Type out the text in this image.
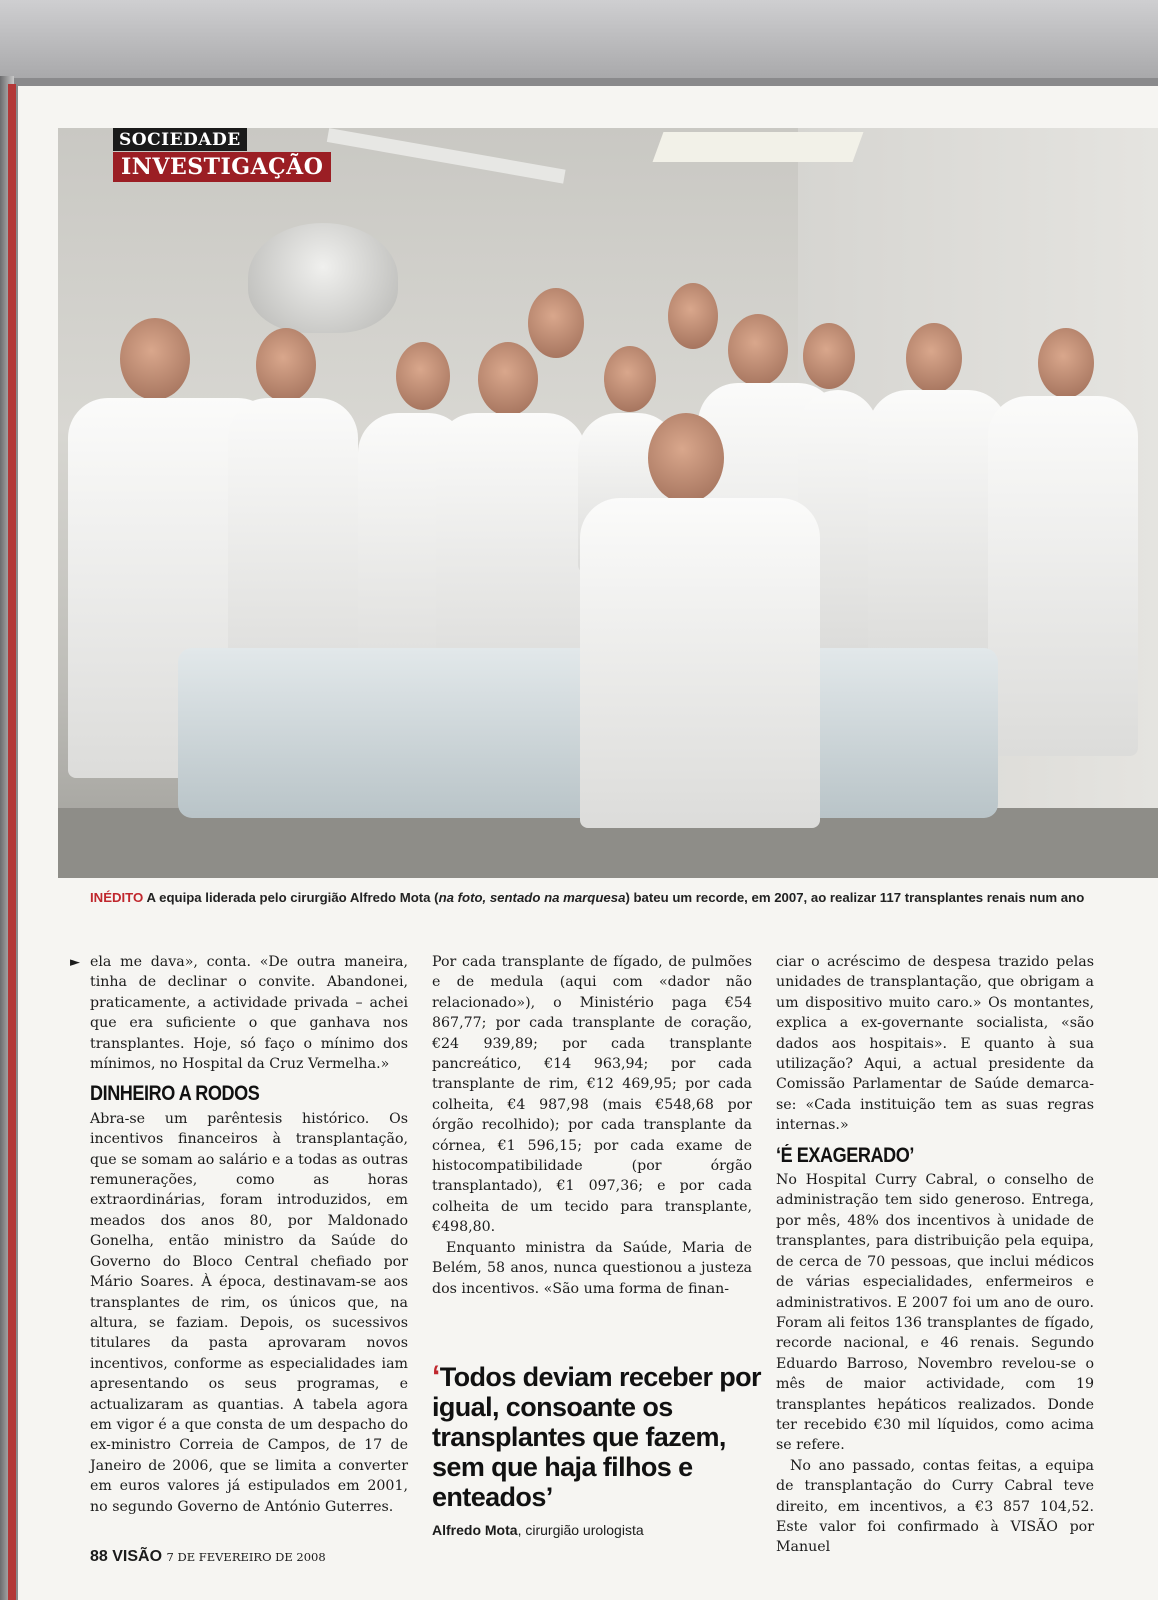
SOCIEDADE
INVESTIGAÇÃO
INÉDITO A equipa liderada pelo cirurgião Alfredo Mota (na foto, sentado na marquesa) bateu um recorde, em 2007, ao realizar 117 transplantes renais num ano
► ela me dava», conta. «De outra maneira, tinha de declinar o convite. Abandonei, praticamente, a actividade privada – achei que era suficiente o que ganhava nos transplantes. Hoje, só faço o mínimo dos mínimos, no Hospital da Cruz Vermelha.»

DINHEIRO A RODOS

Abra-se um parêntesis histórico. Os incentivos financeiros à transplantação, que se somam ao salário e a todas as outras remunerações, como as horas extraordinárias, foram introduzidos, em meados dos anos 80, por Maldonado Gonelha, então ministro da Saúde do Governo do Bloco Central chefiado por Mário Soares. À época, destinavam-se aos transplantes de rim, os únicos que, na altura, se faziam. Depois, os sucessivos titulares da pasta aprovaram novos incentivos, conforme as especialidades iam apresentando os seus programas, e actualizaram as quantias. A tabela agora em vigor é a que consta de um despacho do ex-ministro Correia de Campos, de 17 de Janeiro de 2006, que se limita a converter em euros valores já estipulados em 2001, no segundo Governo de António Guterres.

Por cada transplante de fígado, de pulmões e de medula (aqui com «dador não relacionado»), o Ministério paga €54 867,77; por cada transplante de coração, €24 939,89; por cada transplante pancreático, €14 963,94; por cada transplante de rim, €12 469,95; por cada colheita, €4 987,98 (mais €548,68 por órgão recolhido); por cada transplante da córnea, €1 596,15; por cada exame de histocompatibilidade (por órgão transplantado), €1 097,36; e por cada colheita de um tecido para transplante, €498,80.

Enquanto ministra da Saúde, Maria de Belém, 58 anos, nunca questionou a justeza dos incentivos. «São uma forma de finan-

‘Todos deviam receber por igual, consoante os transplantes que fazem, sem que haja filhos e enteados’
Alfredo Mota, cirurgião urologista

ciar o acréscimo de despesa trazido pelas unidades de transplantação, que obrigam a um dispositivo muito caro.» Os montantes, explica a ex-governante socialista, «são dados aos hospitais». E quanto à sua utilização? Aqui, a actual presidente da Comissão Parlamentar de Saúde demarca-se: «Cada instituição tem as suas regras internas.»

‘É EXAGERADO’

No Hospital Curry Cabral, o conselho de administração tem sido generoso. Entrega, por mês, 48% dos incentivos à unidade de transplantes, para distribuição pela equipa, de cerca de 70 pessoas, que inclui médicos de várias especialidades, enfermeiros e administrativos. E 2007 foi um ano de ouro. Foram ali feitos 136 transplantes de fígado, recorde nacional, e 46 renais. Segundo Eduardo Barroso, Novembro revelou-se o mês de maior actividade, com 19 transplantes hepáticos realizados. Donde ter recebido €30 mil líquidos, como acima se refere.

No ano passado, contas feitas, a equipa de transplantação do Curry Cabral teve direito, em incentivos, a €3 857 104,52. Este valor foi confirmado à VISÃO por Manuel

88 VISÃO 7 DE FEVEREIRO DE 2008
